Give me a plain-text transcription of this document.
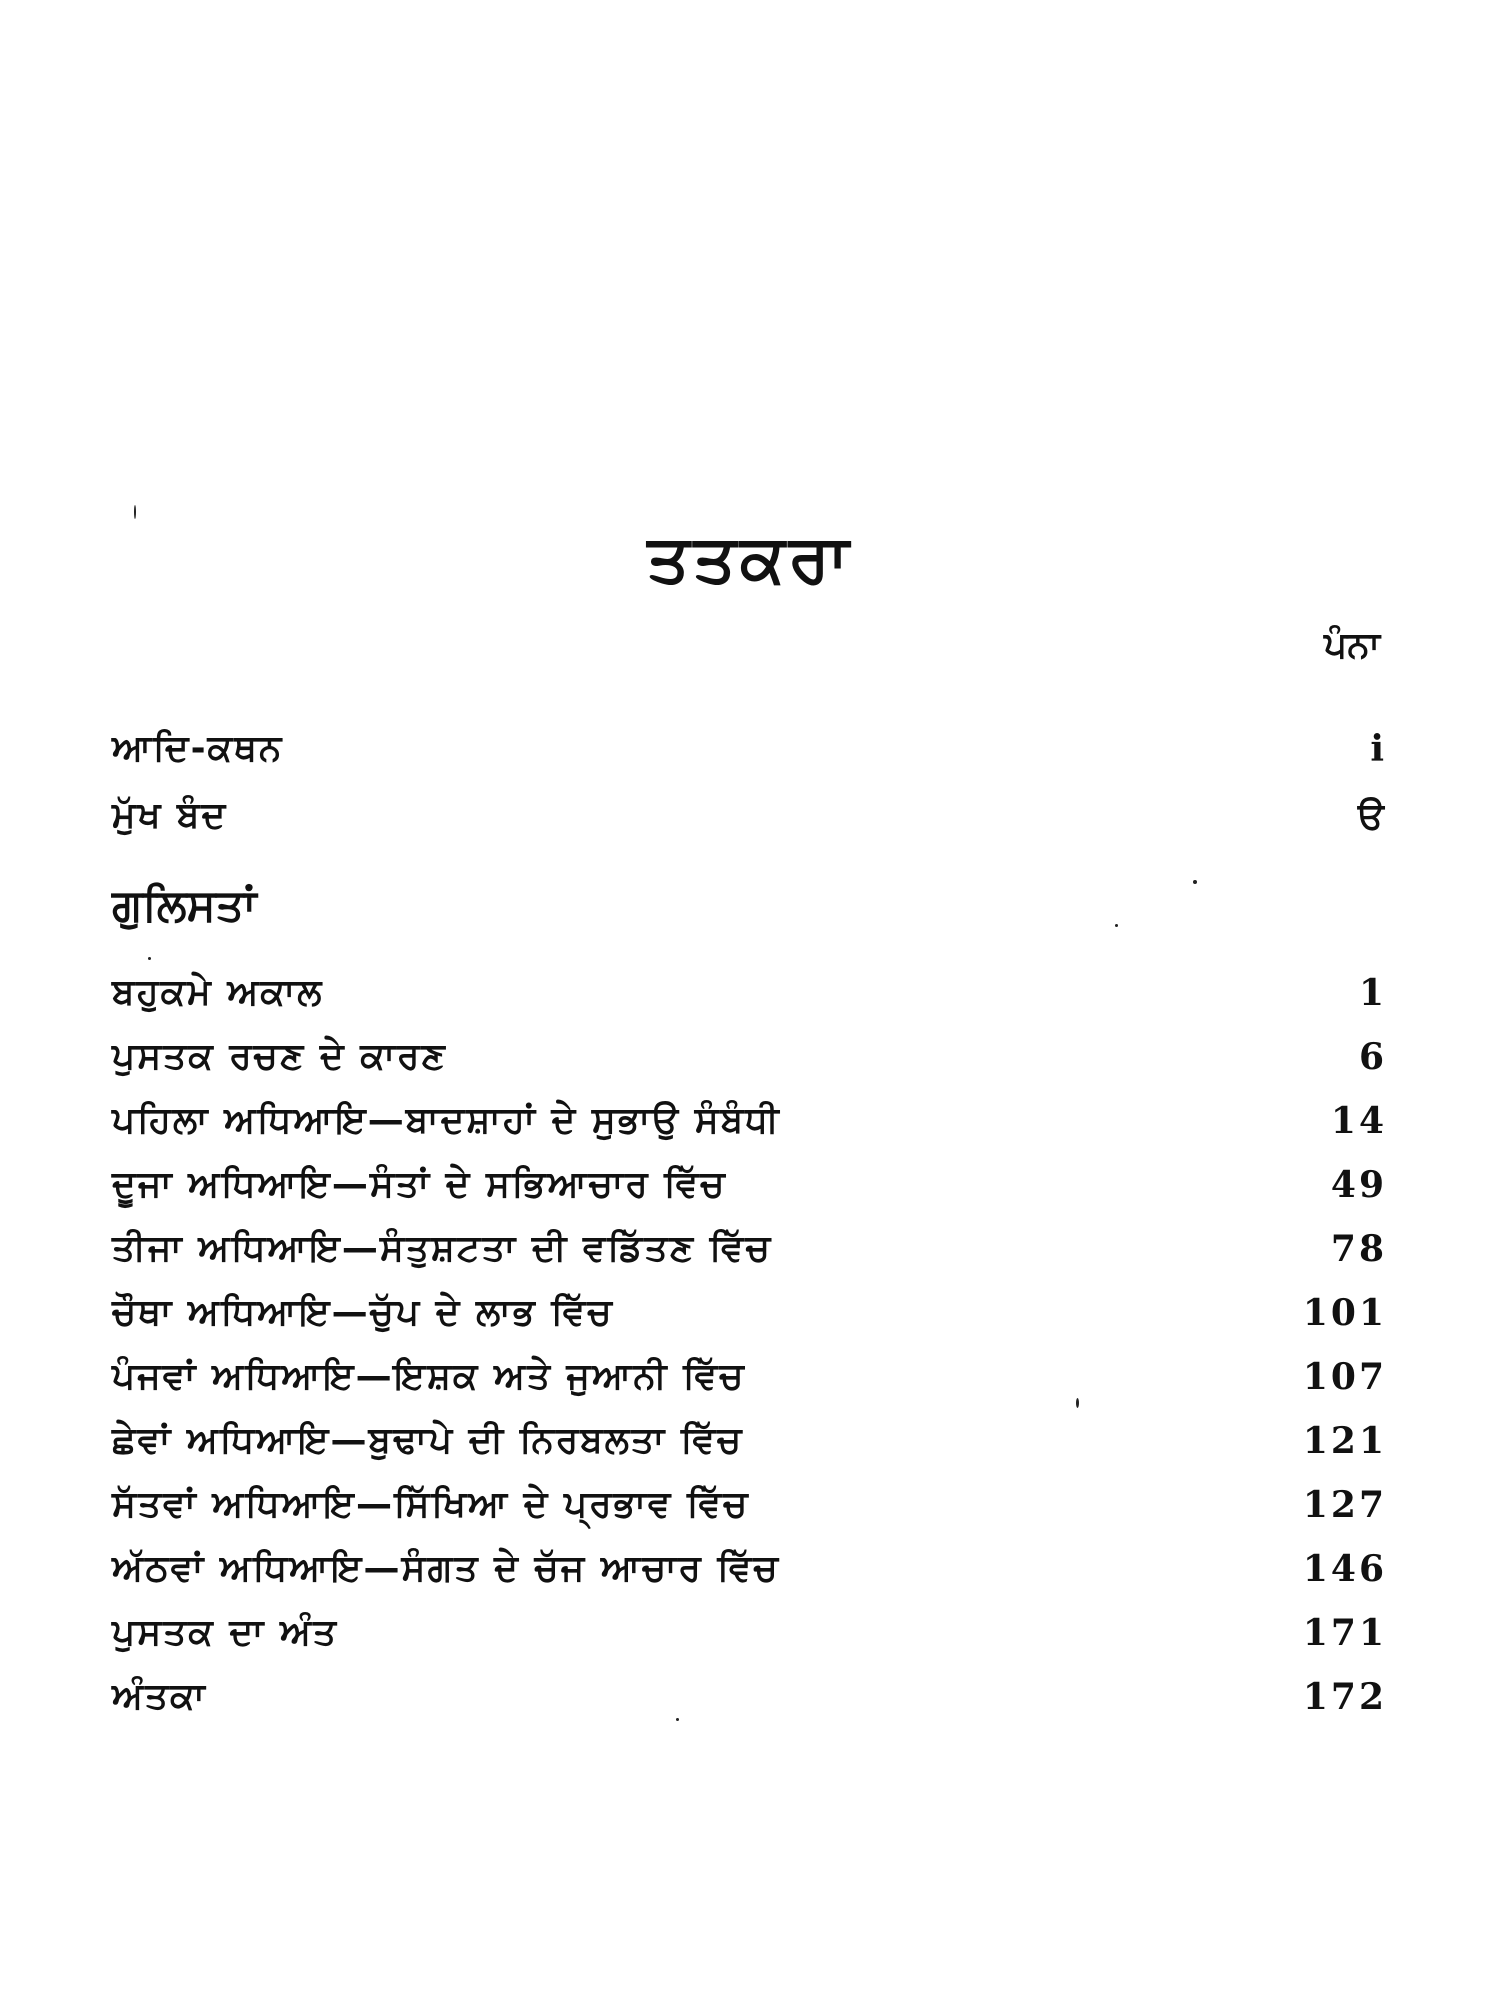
ਤਤਕਰਾ
ਪੰਨਾ
ਆਦਿ-ਕਥਨ	i
ਮੁੱਖ ਬੰਦ	ੳ
ਗੁਲਿਸਤਾਂ
ਬਹੁਕਮੇ ਅਕਾਲ	1
ਪੁਸਤਕ ਰਚਣ ਦੇ ਕਾਰਣ	6
ਪਹਿਲਾ ਅਧਿਆਇ—ਬਾਦਸ਼ਾਹਾਂ ਦੇ ਸੁਭਾਉ ਸੰਬੰਧੀ	14
ਦੂਜਾ ਅਧਿਆਇ—ਸੰਤਾਂ ਦੇ ਸਭਿਆਚਾਰ ਵਿੱਚ	49
ਤੀਜਾ ਅਧਿਆਇ—ਸੰਤੁਸ਼ਟਤਾ ਦੀ ਵਡਿੱਤਣ ਵਿੱਚ	78
ਚੌਥਾ ਅਧਿਆਇ—ਚੁੱਪ ਦੇ ਲਾਭ ਵਿੱਚ	101
ਪੰਜਵਾਂ ਅਧਿਆਇ—ਇਸ਼ਕ ਅਤੇ ਜੁਆਨੀ ਵਿੱਚ	107
ਛੇਵਾਂ ਅਧਿਆਇ—ਬੁਢਾਪੇ ਦੀ ਨਿਰਬਲਤਾ ਵਿੱਚ	121
ਸੱਤਵਾਂ ਅਧਿਆਇ—ਸਿੱਖਿਆ ਦੇ ਪ੍ਰਭਾਵ ਵਿੱਚ	127
ਅੱਠਵਾਂ ਅਧਿਆਇ—ਸੰਗਤ ਦੇ ਚੱਜ ਆਚਾਰ ਵਿੱਚ	146
ਪੁਸਤਕ ਦਾ ਅੰਤ	171
ਅੰਤਕਾ	172
